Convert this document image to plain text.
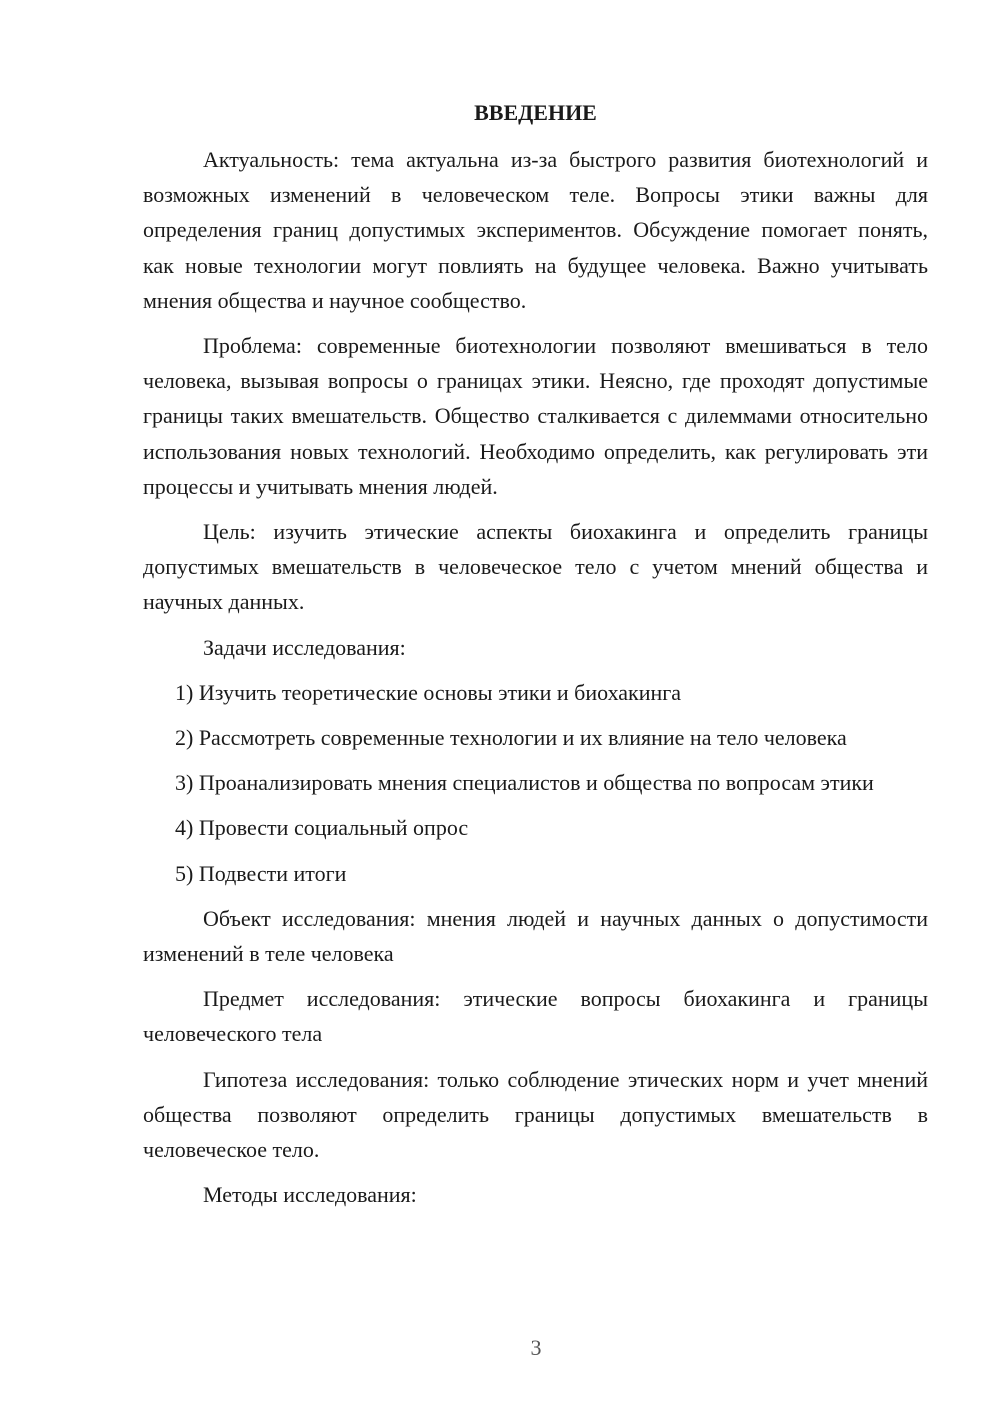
ВВЕДЕНИЕ

Актуальность: тема актуальна из-за быстрого развития биотехнологий и возможных изменений в человеческом теле. Вопросы этики важны для определения границ допустимых экспериментов. Обсуждение помогает понять, как новые технологии могут повлиять на будущее человека. Важно учитывать мнения общества и научное сообщество.

Проблема: современные биотехнологии позволяют вмешиваться в тело человека, вызывая вопросы о границах этики. Неясно, где проходят допустимые границы таких вмешательств. Общество сталкивается с дилеммами относительно использования новых технологий. Необходимо определить, как регулировать эти процессы и учитывать мнения людей.

Цель: изучить этические аспекты биохакинга и определить границы допустимых вмешательств в человеческое тело с учетом мнений общества и научных данных.

Задачи исследования:

1) Изучить теоретические основы этики и биохакинга

2) Рассмотреть современные технологии и их влияние на тело человека

3) Проанализировать мнения специалистов и общества по вопросам этики

4) Провести социальный опрос

5) Подвести итоги

Объект исследования: мнения людей и научных данных о допустимости изменений в теле человека

Предмет исследования: этические вопросы биохакинга и границы человеческого тела

Гипотеза исследования: только соблюдение этических норм и учет мнений общества позволяют определить границы допустимых вмешательств в человеческое тело.

Методы исследования:

3
